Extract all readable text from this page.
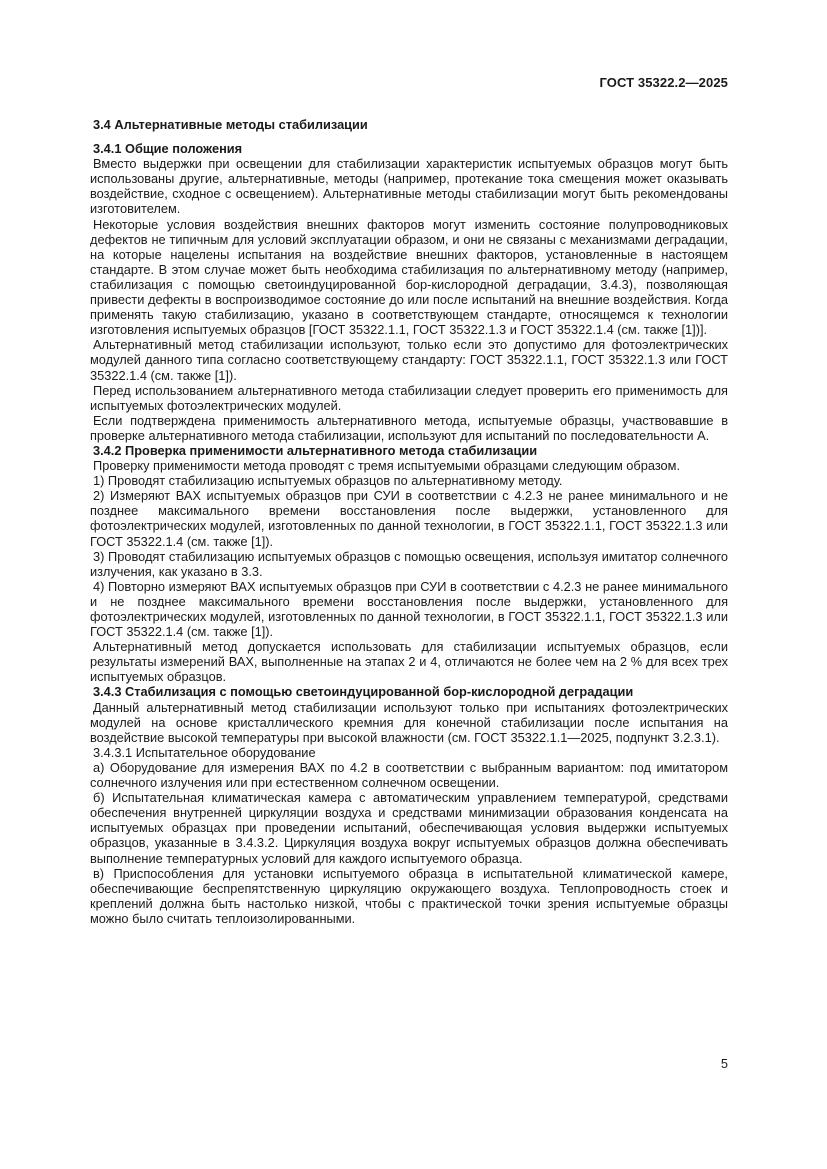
ГОСТ 35322.2—2025
3.4 Альтернативные методы стабилизации
3.4.1 Общие положения

Вместо выдержки при освещении для стабилизации характеристик испытуемых образцов могут быть использованы другие, альтернативные, методы (например, протекание тока смещения может оказывать воздействие, сходное с освещением). Альтернативные методы стабилизации могут быть рекомендованы изготовителем.

Некоторые условия воздействия внешних факторов могут изменить состояние полупроводниковых дефектов не типичным для условий эксплуатации образом, и они не связаны с механизмами деградации, на которые нацелены испытания на воздействие внешних факторов, установленные в настоящем стандарте. В этом случае может быть необходима стабилизация по альтернативному методу (например, стабилизация с помощью светоиндуцированной бор-кислородной деградации, 3.4.3), позволяющая привести дефекты в воспроизводимое состояние до или после испытаний на внешние воздействия. Когда применять такую стабилизацию, указано в соответствующем стандарте, относящемся к технологии изготовления испытуемых образцов [ГОСТ 35322.1.1, ГОСТ 35322.1.3 и ГОСТ 35322.1.4 (см. также [1])].

Альтернативный метод стабилизации используют, только если это допустимо для фотоэлектрических модулей данного типа согласно соответствующему стандарту: ГОСТ 35322.1.1, ГОСТ 35322.1.3 или ГОСТ 35322.1.4 (см. также [1]).

Перед использованием альтернативного метода стабилизации следует проверить его применимость для испытуемых фотоэлектрических модулей.

Если подтверждена применимость альтернативного метода, испытуемые образцы, участвовавшие в проверке альтернативного метода стабилизации, используют для испытаний по последовательности А.

3.4.2 Проверка применимости альтернативного метода стабилизации

Проверку применимости метода проводят с тремя испытуемыми образцами следующим образом.

1) Проводят стабилизацию испытуемых образцов по альтернативному методу.

2) Измеряют ВАХ испытуемых образцов при СУИ в соответствии с 4.2.3 не ранее минимального и не позднее максимального времени восстановления после выдержки, установленного для фотоэлектрических модулей, изготовленных по данной технологии, в ГОСТ 35322.1.1, ГОСТ 35322.1.3 или ГОСТ 35322.1.4 (см. также [1]).

3) Проводят стабилизацию испытуемых образцов с помощью освещения, используя имитатор солнечного излучения, как указано в 3.3.

4) Повторно измеряют ВАХ испытуемых образцов при СУИ в соответствии с 4.2.3 не ранее минимального и не позднее максимального времени восстановления после выдержки, установленного для фотоэлектрических модулей, изготовленных по данной технологии, в ГОСТ 35322.1.1, ГОСТ 35322.1.3 или ГОСТ 35322.1.4 (см. также [1]).

Альтернативный метод допускается использовать для стабилизации испытуемых образцов, если результаты измерений ВАХ, выполненные на этапах 2 и 4, отличаются не более чем на 2 % для всех трех испытуемых образцов.

3.4.3 Стабилизация с помощью светоиндуцированной бор-кислородной деградации

Данный альтернативный метод стабилизации используют только при испытаниях фотоэлектрических модулей на основе кристаллического кремния для конечной стабилизации после испытания на воздействие высокой температуры при высокой влажности (см. ГОСТ 35322.1.1—2025, подпункт 3.2.3.1).

3.4.3.1 Испытательное оборудование

а) Оборудование для измерения ВАХ по 4.2 в соответствии с выбранным вариантом: под имитатором солнечного излучения или при естественном солнечном освещении.

б) Испытательная климатическая камера с автоматическим управлением температурой, средствами обеспечения внутренней циркуляции воздуха и средствами минимизации образования конденсата на испытуемых образцах при проведении испытаний, обеспечивающая условия выдержки испытуемых образцов, указанные в 3.4.3.2. Циркуляция воздуха вокруг испытуемых образцов должна обеспечивать выполнение температурных условий для каждого испытуемого образца.

в) Приспособления для установки испытуемого образца в испытательной климатической камере, обеспечивающие беспрепятственную циркуляцию окружающего воздуха. Теплопроводность стоек и креплений должна быть настолько низкой, чтобы с практической точки зрения испытуемые образцы можно было считать теплоизолированными.

5
